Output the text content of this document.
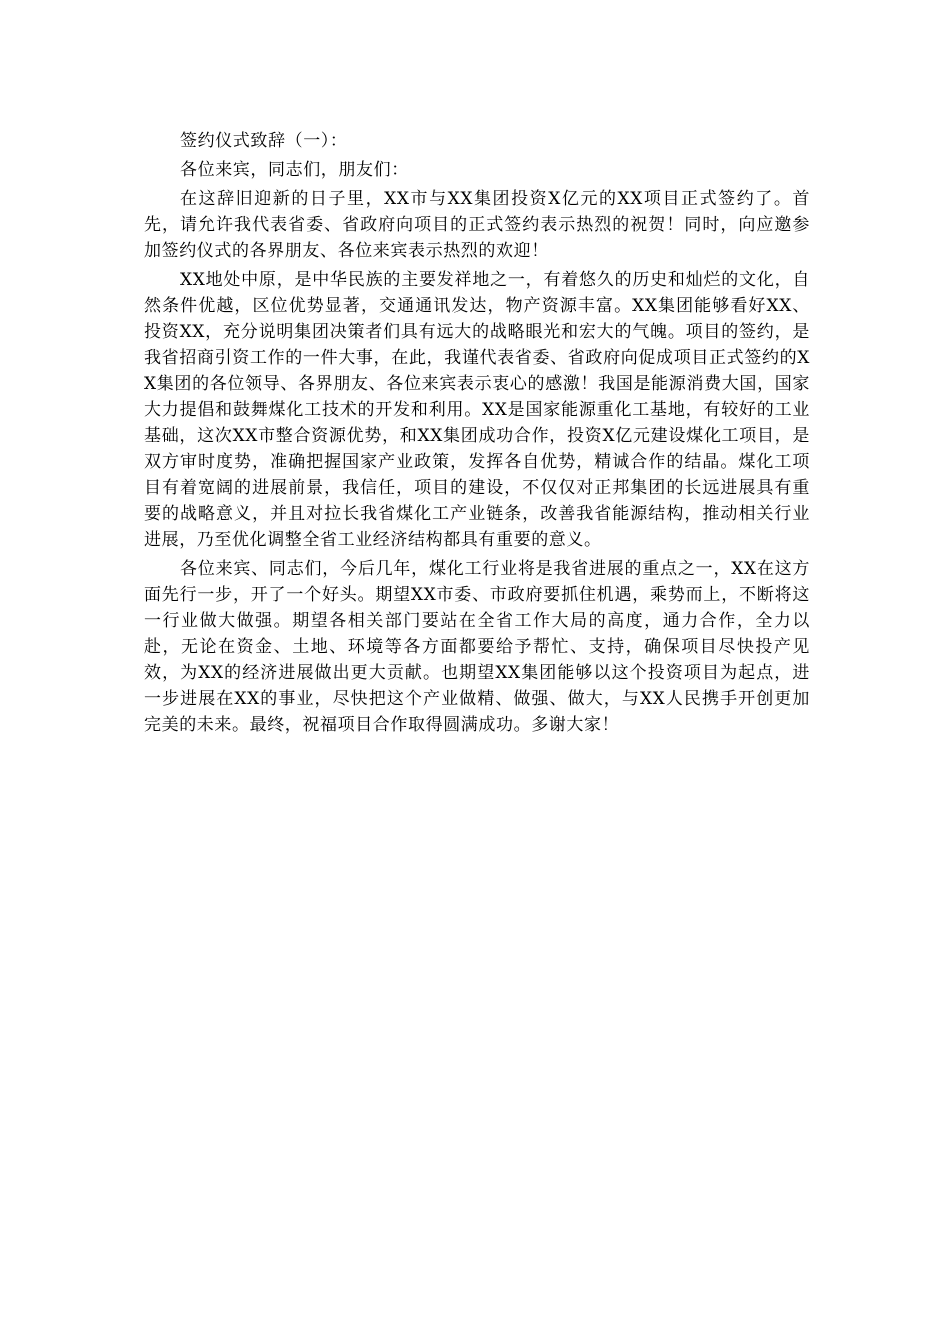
签约仪式致辞（一）：

各位来宾，同志们，朋友们：

在这辞旧迎新的日子里，XX市与XX集团投资X亿元的XX项目正式签约了。首先，请允许我代表省委、省政府向项目的正式签约表示热烈的祝贺！同时，向应邀参加签约仪式的各界朋友、各位来宾表示热烈的欢迎！

XX地处中原，是中华民族的主要发祥地之一，有着悠久的历史和灿烂的文化，自然条件优越，区位优势显著，交通通讯发达，物产资源丰富。XX集团能够看好XX、投资XX，充分说明集团决策者们具有远大的战略眼光和宏大的气魄。项目的签约，是我省招商引资工作的一件大事，在此，我谨代表省委、省政府向促成项目正式签约的XX集团的各位领导、各界朋友、各位来宾表示衷心的感激！我国是能源消费大国，国家大力提倡和鼓舞煤化工技术的开发和利用。XX是国家能源重化工基地，有较好的工业基础，这次XX市整合资源优势，和XX集团成功合作，投资X亿元建设煤化工项目，是双方审时度势，准确把握国家产业政策，发挥各自优势，精诚合作的结晶。煤化工项目有着宽阔的进展前景，我信任，项目的建设，不仅仅对正邦集团的长远进展具有重要的战略意义，并且对拉长我省煤化工产业链条，改善我省能源结构，推动相关行业进展，乃至优化调整全省工业经济结构都具有重要的意义。

各位来宾、同志们，今后几年，煤化工行业将是我省进展的重点之一，XX在这方面先行一步，开了一个好头。期望XX市委、市政府要抓住机遇，乘势而上，不断将这一行业做大做强。期望各相关部门要站在全省工作大局的高度，通力合作，全力以赴，无论在资金、土地、环境等各方面都要给予帮忙、支持，确保项目尽快投产见效，为XX的经济进展做出更大贡献。也期望XX集团能够以这个投资项目为起点，进一步进展在XX的事业，尽快把这个产业做精、做强、做大，与XX人民携手开创更加完美的未来。最终，祝福项目合作取得圆满成功。多谢大家！
